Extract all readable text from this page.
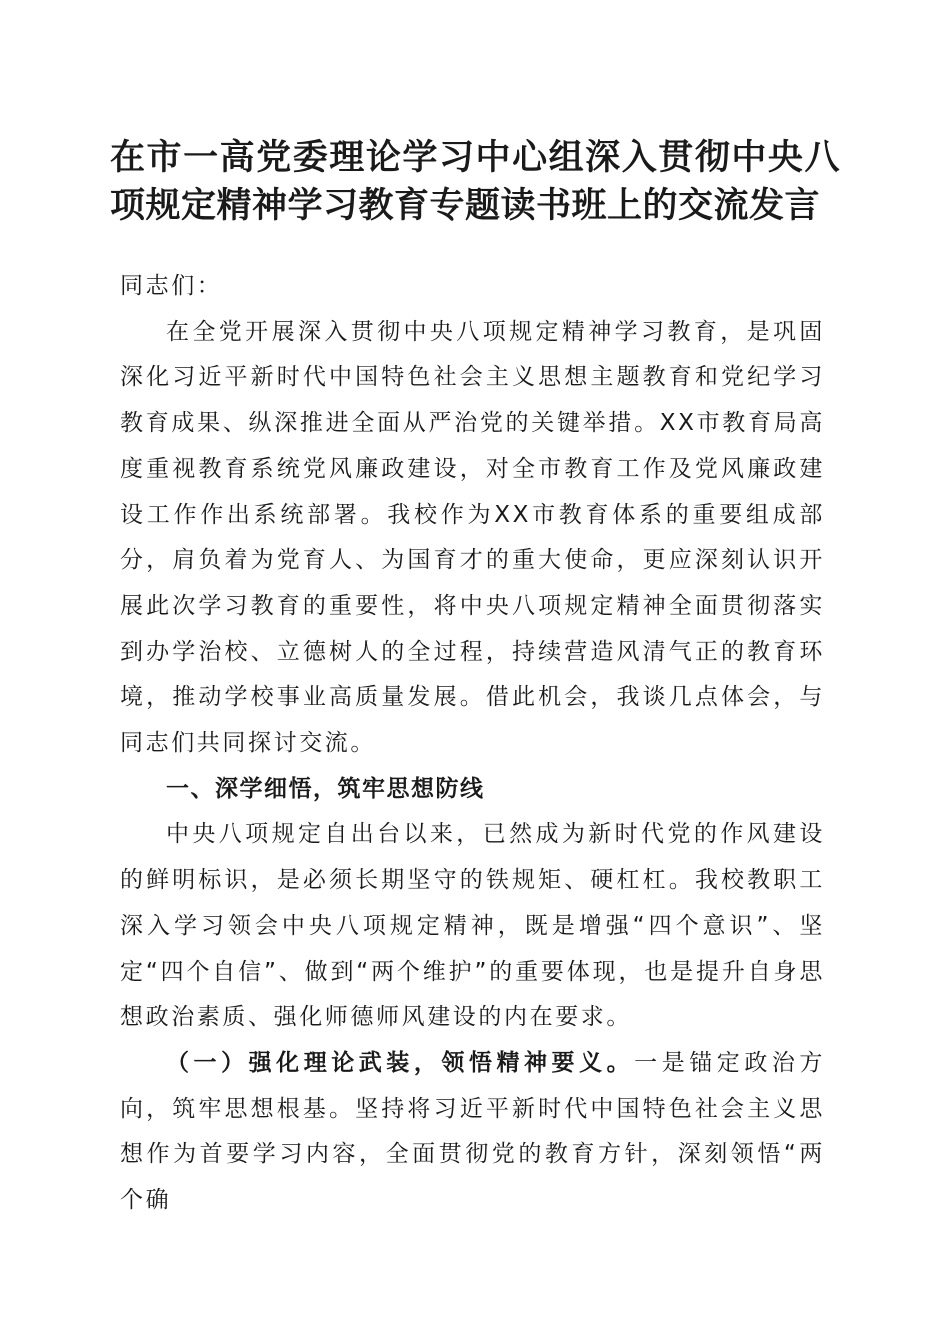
在市一高党委理论学习中心组深入贯彻中央八项规定精神学习教育专题读书班上的交流发言

同志们：

在全党开展深入贯彻中央八项规定精神学习教育，是巩固深化习近平新时代中国特色社会主义思想主题教育和党纪学习教育成果、纵深推进全面从严治党的关键举措。XX市教育局高度重视教育系统党风廉政建设，对全市教育工作及党风廉政建设工作作出系统部署。我校作为XX市教育体系的重要组成部分，肩负着为党育人、为国育才的重大使命，更应深刻认识开展此次学习教育的重要性，将中央八项规定精神全面贯彻落实到办学治校、立德树人的全过程，持续营造风清气正的教育环境，推动学校事业高质量发展。借此机会，我谈几点体会，与同志们共同探讨交流。

一、深学细悟，筑牢思想防线

中央八项规定自出台以来，已然成为新时代党的作风建设的鲜明标识，是必须长期坚守的铁规矩、硬杠杠。我校教职工深入学习领会中央八项规定精神，既是增强“四个意识”、坚定“四个自信”、做到“两个维护”的重要体现，也是提升自身思想政治素质、强化师德师风建设的内在要求。

（一）强化理论武装，领悟精神要义。一是锚定政治方向，筑牢思想根基。坚持将习近平新时代中国特色社会主义思想作为首要学习内容，全面贯彻党的教育方针，深刻领悟“两个确
